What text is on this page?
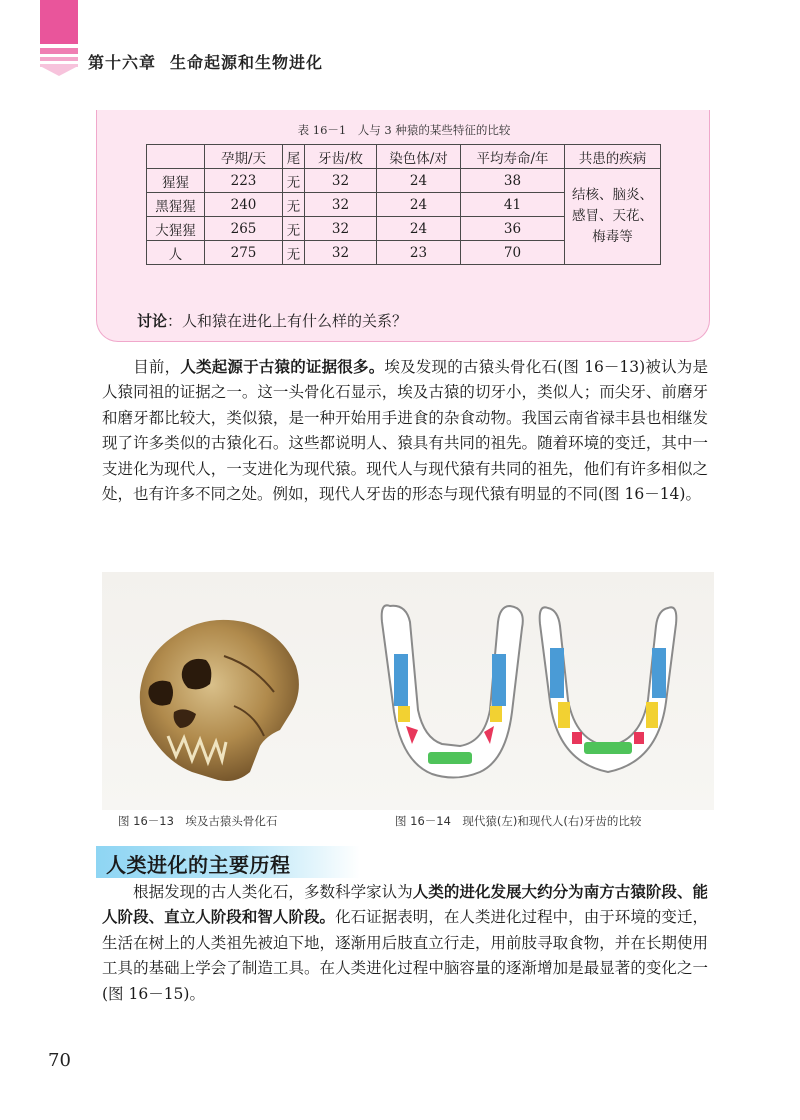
第十六章 生命起源和生物进化
表 16－1　人与 3 种猿的某些特征的比较
	孕期/天	尾	牙齿/枚	染色体/对	平均寿命/年	共患的疾病
猩猩	223	无	32	24	38	结核、脑炎、
感冒、天花、
梅毒等

黑猩猩	240	无	32	24	41	
大猩猩	265	无	32	24	36	
人	275	无	32	23	70	
讨论：人和猿在进化上有什么样的关系？
目前，人类起源于古猿的证据很多。埃及发现的古猿头骨化石(图 16－13)被认为是人猿同祖的证据之一。这一头骨化石显示，埃及古猿的切牙小，类似人；而尖牙、前磨牙和磨牙都比较大，类似猿，是一种开始用手进食的杂食动物。我国云南省禄丰县也相继发现了许多类似的古猿化石。这些都说明人、猿具有共同的祖先。随着环境的变迁，其中一支进化为现代人，一支进化为现代猿。现代人与现代猿有共同的祖先，他们有许多相似之处，也有许多不同之处。例如，现代人牙齿的形态与现代猿有明显的不同(图 16－14)。
图 16－13　埃及古猿头骨化石	图 16－14　现代猿(左)和现代人(右)牙齿的比较
人类进化的主要历程
根据发现的古人类化石，多数科学家认为人类的进化发展大约分为南方古猿阶段、能人阶段、直立人阶段和智人阶段。化石证据表明，在人类进化过程中，由于环境的变迁，生活在树上的人类祖先被迫下地，逐渐用后肢直立行走，用前肢寻取食物，并在长期使用工具的基础上学会了制造工具。在人类进化过程中脑容量的逐渐增加是最显著的变化之一(图 16－15)。
70
